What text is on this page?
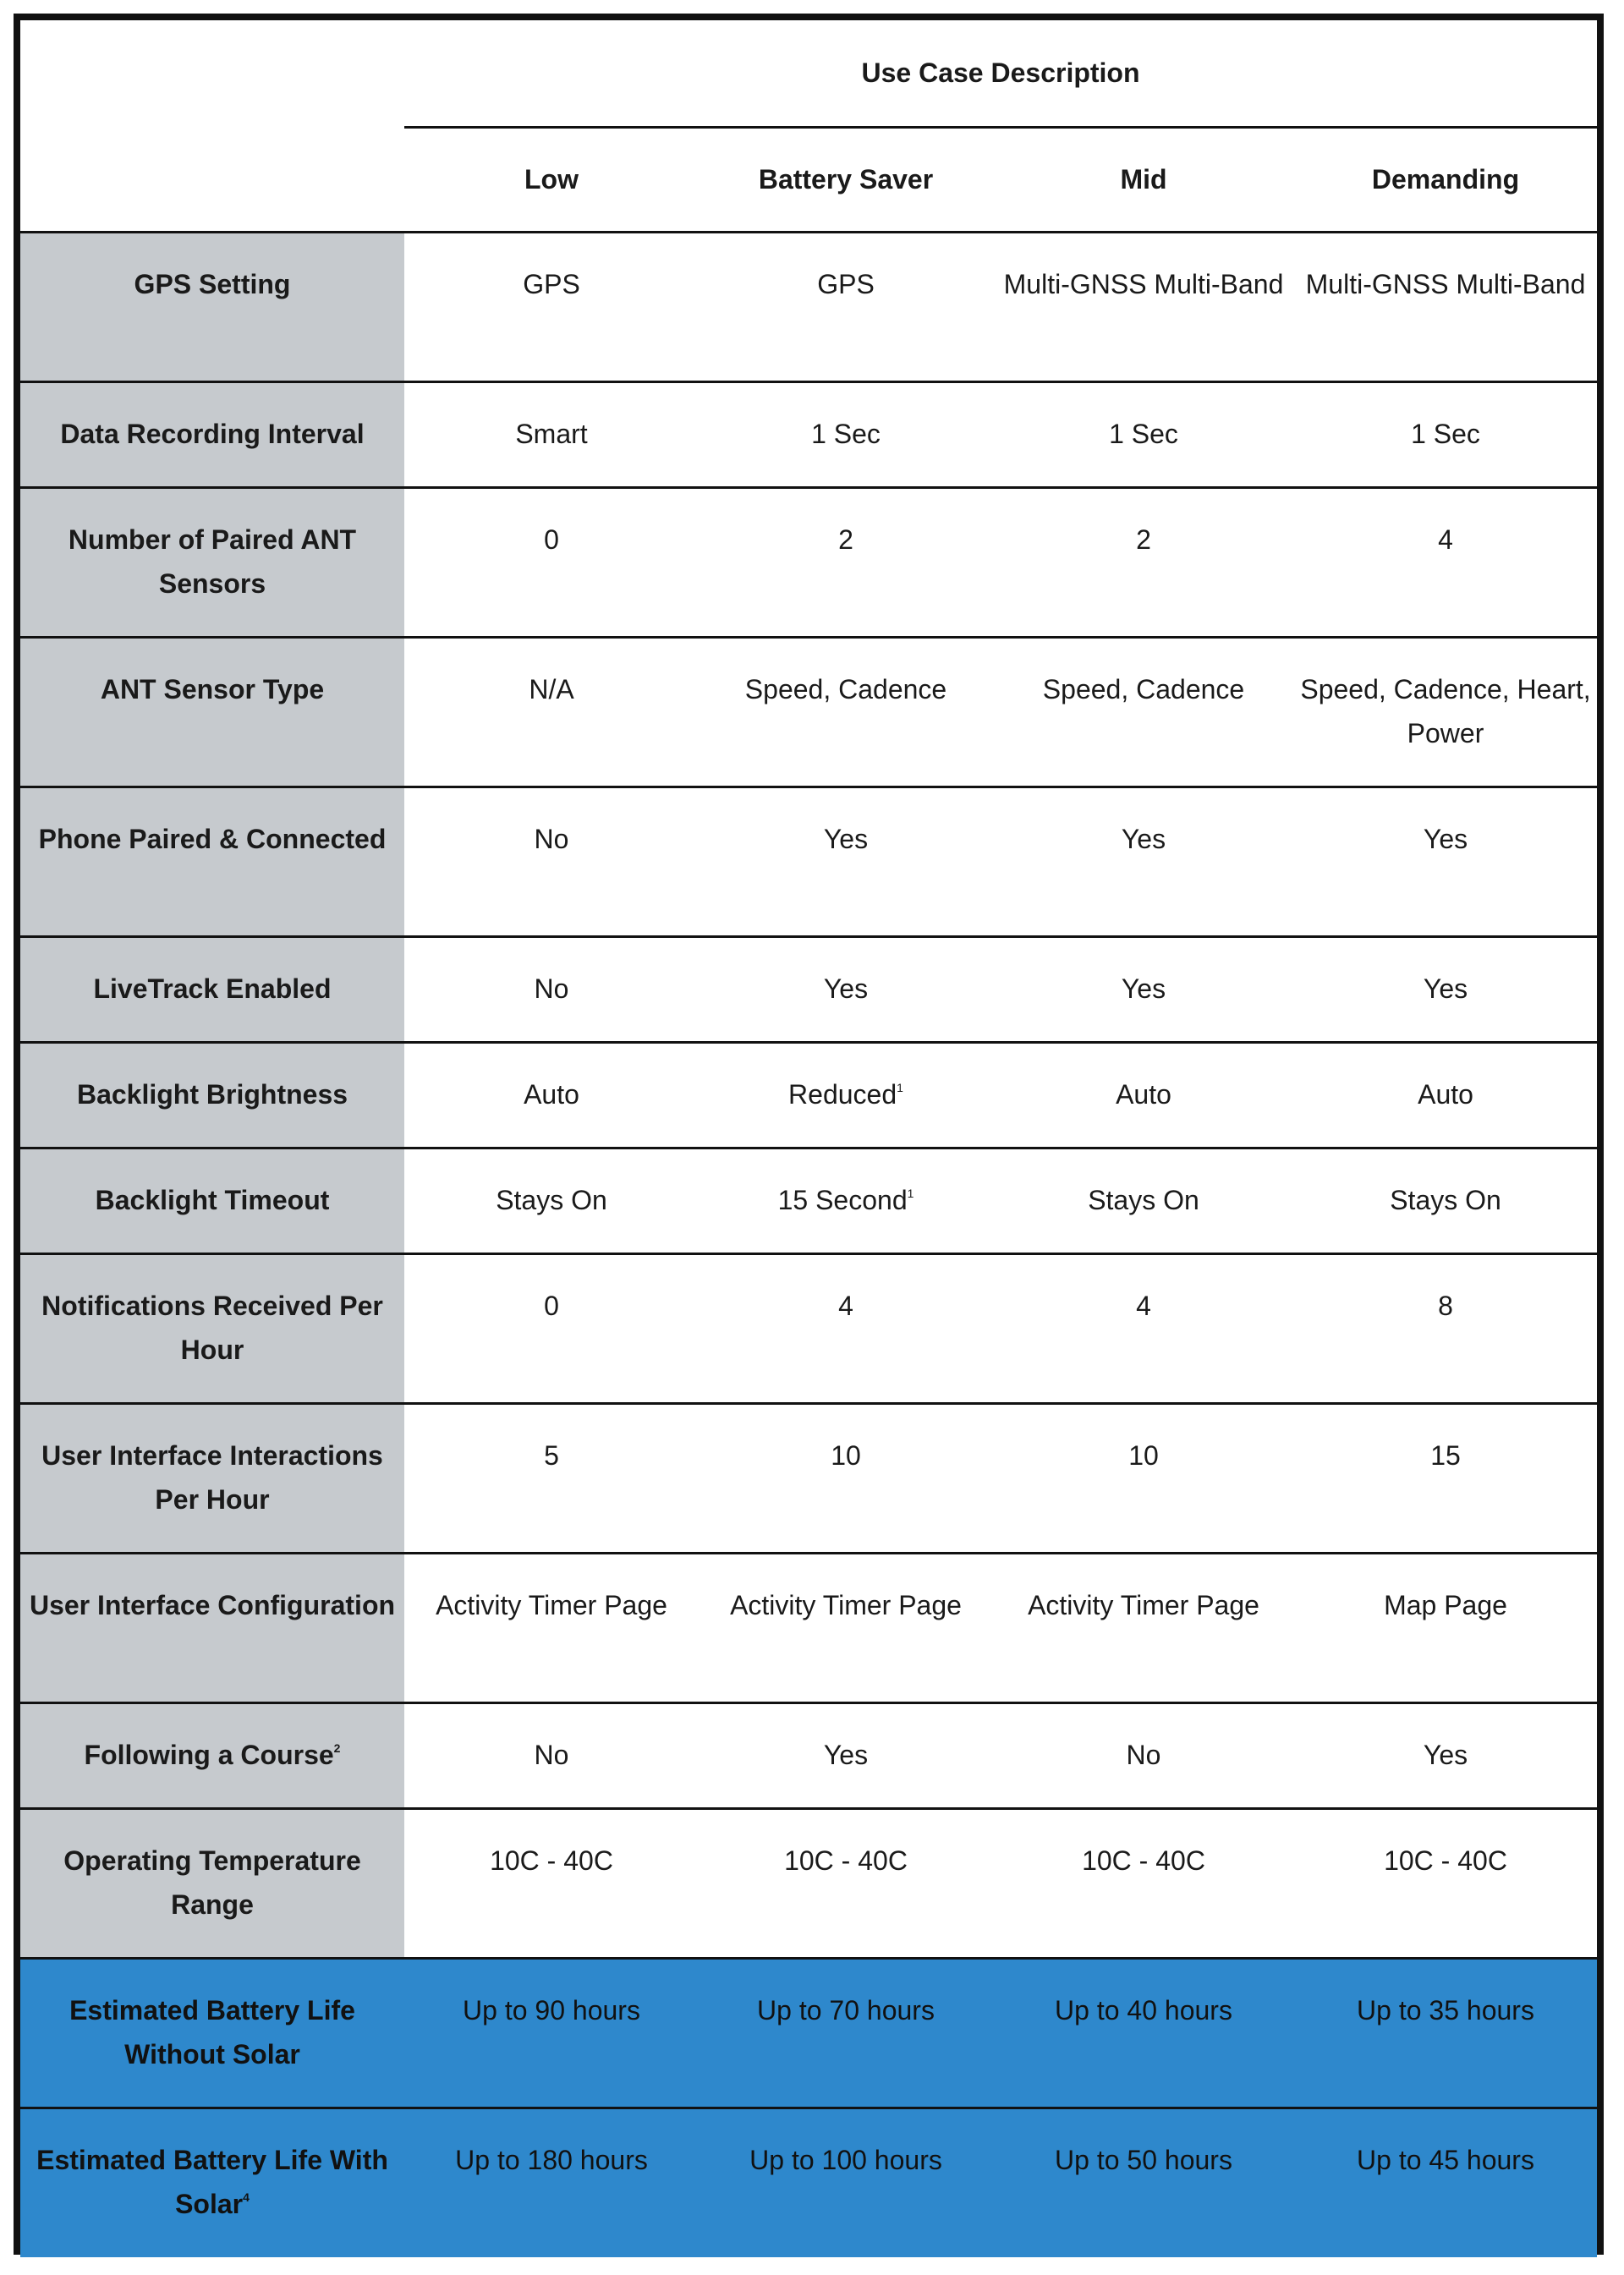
	Use Case Description			
	Low	Battery Saver	Mid	Demanding
GPS Setting	GPS	GPS	Multi-GNSS Multi-Band	Multi-GNSS Multi-Band
Data Recording Interval	Smart	1 Sec	1 Sec	1 Sec
Number of Paired ANT Sensors	0	2	2	4
ANT Sensor Type	N/A	Speed, Cadence	Speed, Cadence	Speed, Cadence, Heart, Power
Phone Paired & Connected	No	Yes	Yes	Yes
LiveTrack Enabled	No	Yes	Yes	Yes
Backlight Brightness	Auto	Reduced$^1$	Auto	Auto
Backlight Timeout	Stays On	15 Second$^1$	Stays On	Stays On
Notifications Received Per Hour	0	4	4	8
User Interface Interactions Per Hour	5	10	10	15
User Interface Configuration	Activity Timer Page	Activity Timer Page	Activity Timer Page	Map Page
Following a Course$^2$	No	Yes	No	Yes
Operating Temperature Range	10C - 40C	10C - 40C	10C - 40C	10C - 40C
Estimated Battery Life Without Solar	Up to 90 hours	Up to 70 hours	Up to 40 hours	Up to 35 hours
Estimated Battery Life With Solar$^4$	Up to 180 hours	Up to 100 hours	Up to 50 hours	Up to 45 hours
